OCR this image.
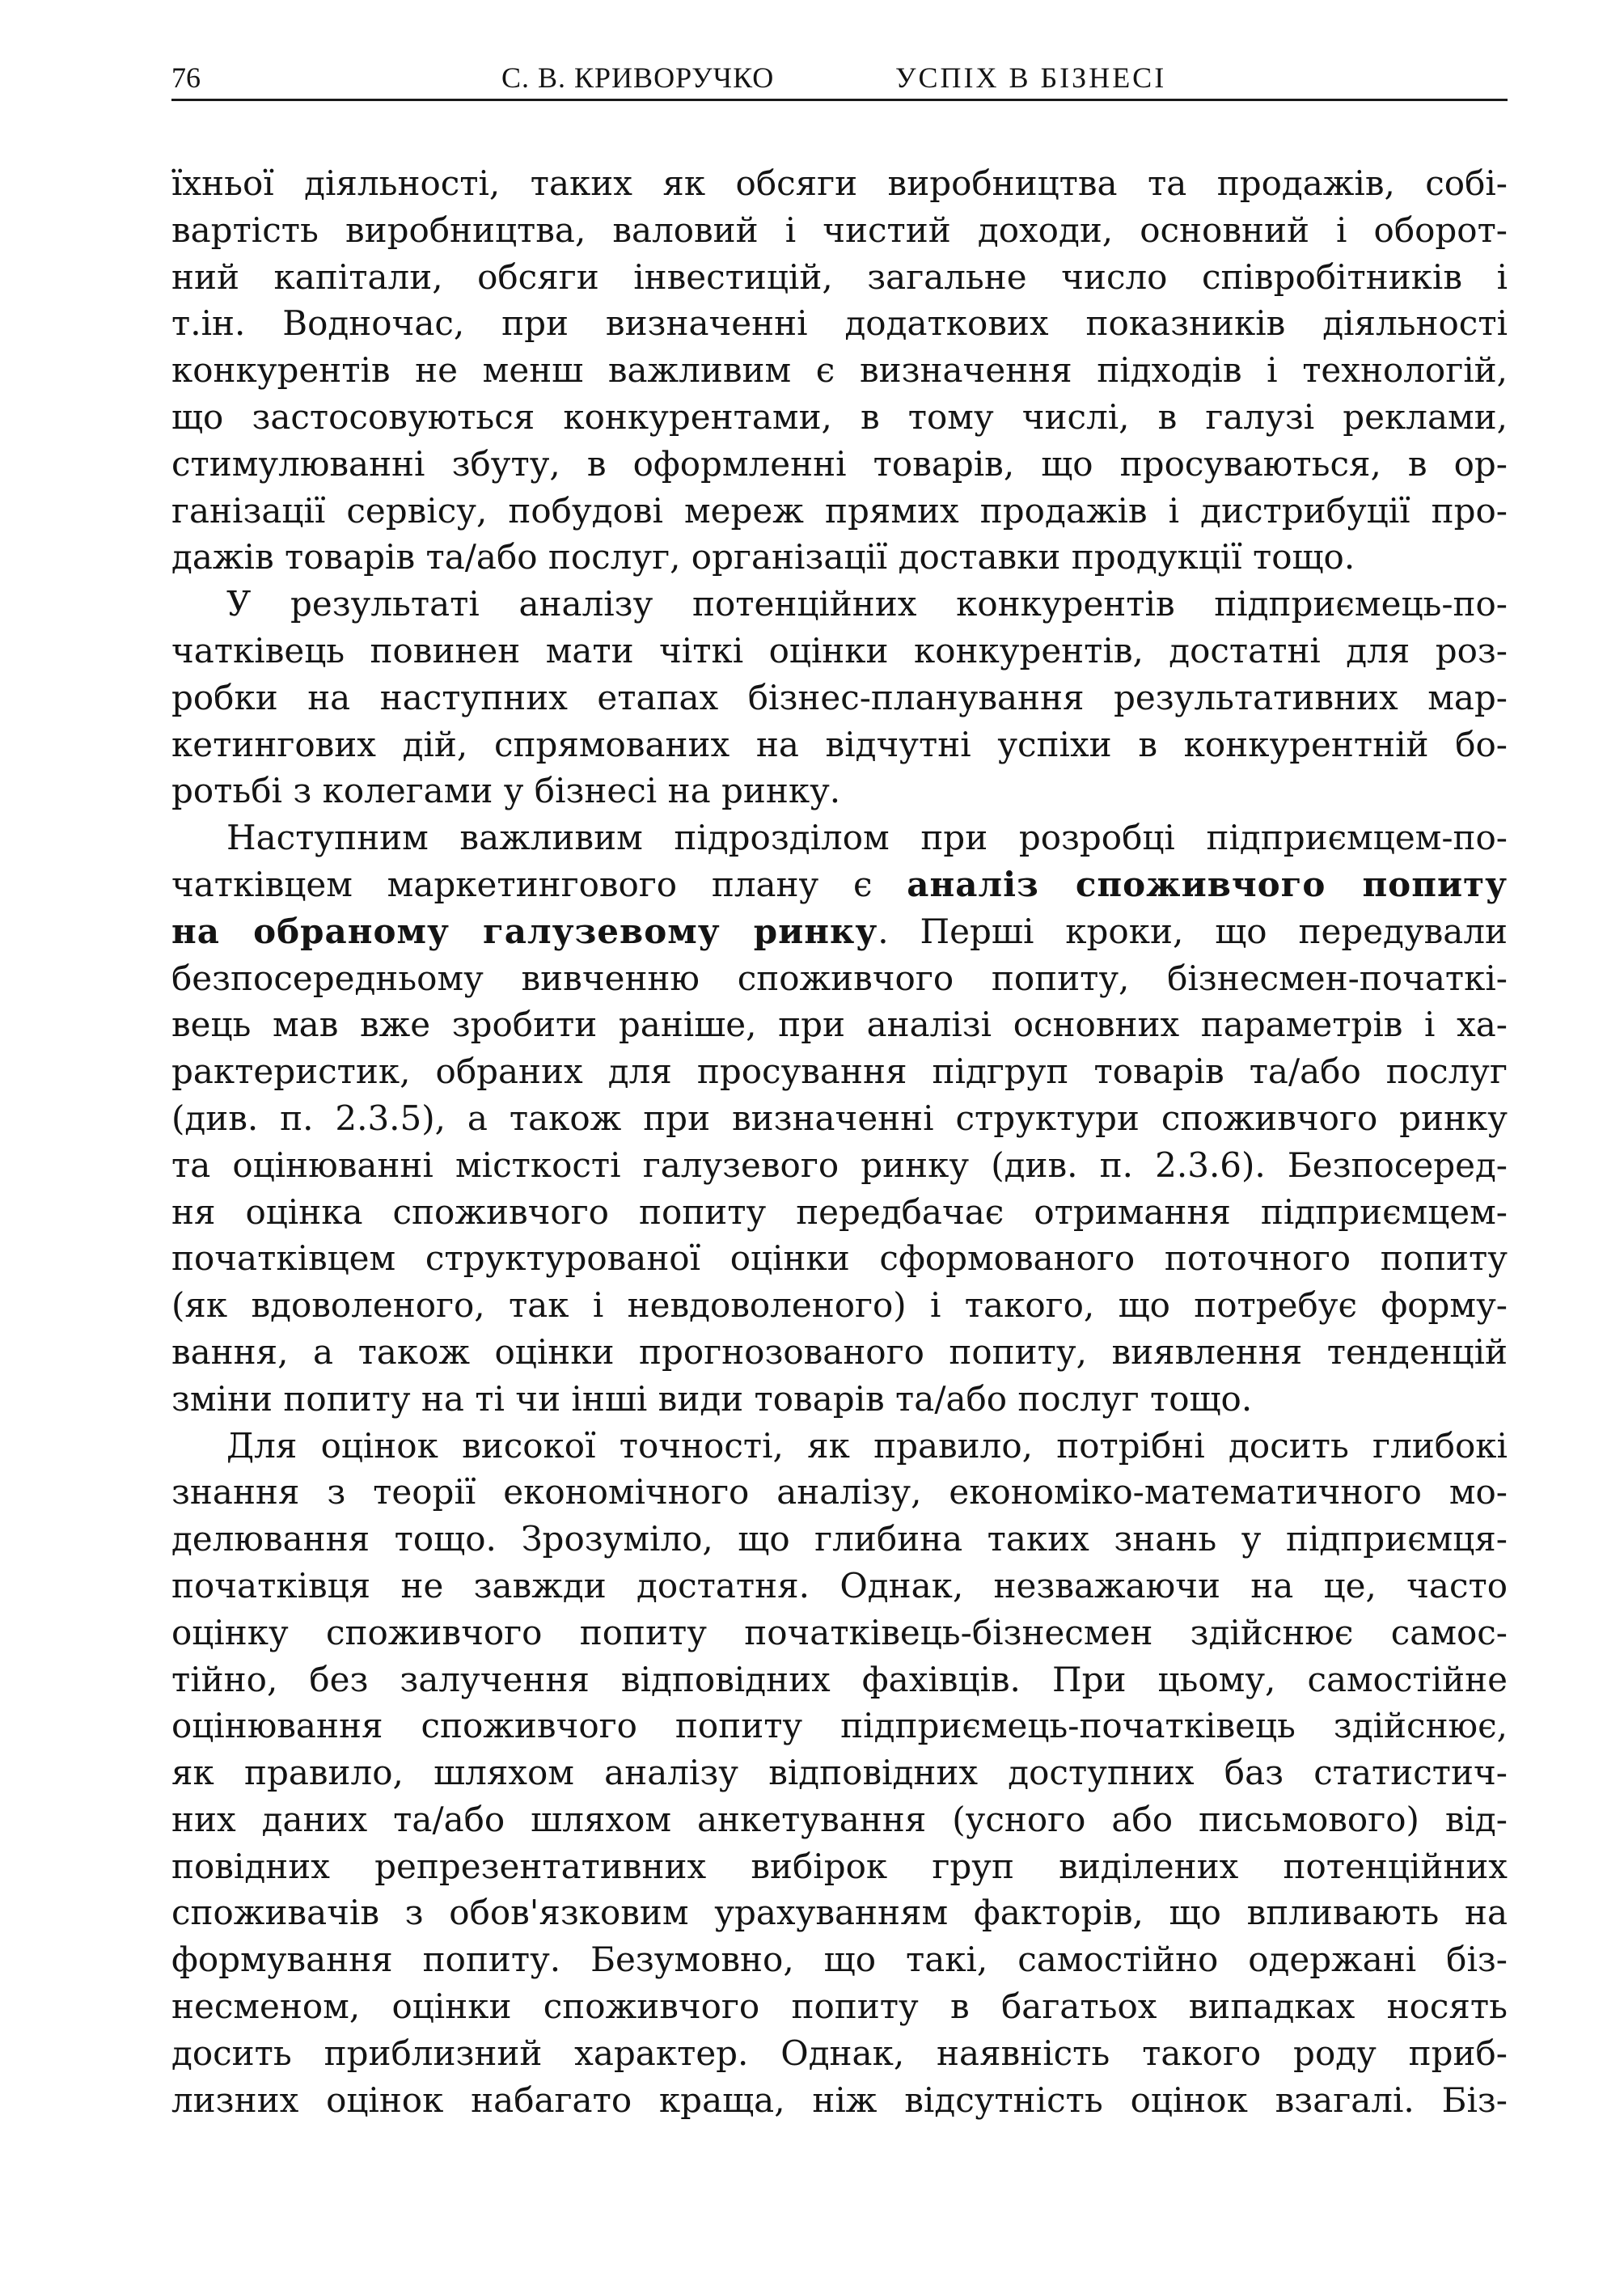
76	С. В. КРИВОРУЧКО	УСПІХ В БІЗНЕСІ
їхньої діяльності, таких як обсяги виробництва та продажів, собі-
вартість виробництва, валовий і чистий доходи, основний і оборот-
ний капітали, обсяги інвестицій, загальне число співробітників і
т.ін. Водночас, при визначенні додаткових показників діяльності
конкурентів не менш важливим є визначення підходів і технологій,
що застосовуються конкурентами, в тому числі, в галузі реклами,
стимулюванні збуту, в оформленні товарів, що просуваються, в ор-
ганізації сервісу, побудові мереж прямих продажів і дистрибуції про-
дажів товарів та/або послуг, організації доставки продукції тощо.
У результаті аналізу потенційних конкурентів підприємець-по-
чатківець повинен мати чіткі оцінки конкурентів, достатні для роз-
робки на наступних етапах бізнес-планування результативних мар-
кетингових дій, спрямованих на відчутні успіхи в конкурентній бо-
ротьбі з колегами у бізнесі на ринку.
Наступним важливим підрозділом при розробці підприємцем-по-
чатківцем маркетингового плану є аналіз споживчого попиту
на обраному галузевому ринку. Перші кроки, що передували
безпосередньому вивченню споживчого попиту, бізнесмен-початкі-
вець мав вже зробити раніше, при аналізі основних параметрів і ха-
рактеристик, обраних для просування підгруп товарів та/або послуг
(див. п. 2.3.5), а також при визначенні структури споживчого ринку
та оцінюванні місткості галузевого ринку (див. п. 2.3.6). Безпосеред-
ня оцінка споживчого попиту передбачає отримання підприємцем-
початківцем структурованої оцінки сформованого поточного попиту
(як вдоволеного, так і невдоволеного) і такого, що потребує форму-
вання, а також оцінки прогнозованого попиту, виявлення тенденцій
зміни попиту на ті чи інші види товарів та/або послуг тощо.
Для оцінок високої точності, як правило, потрібні досить глибокі
знання з теорії економічного аналізу, економіко-математичного мо-
делювання тощо. Зрозуміло, що глибина таких знань у підприємця-
початківця не завжди достатня. Однак, незважаючи на це, часто
оцінку споживчого попиту початківець-бізнесмен здійснює самос-
тійно, без залучення відповідних фахівців. При цьому, самостійне
оцінювання споживчого попиту підприємець-початківець здійснює,
як правило, шляхом аналізу відповідних доступних баз статистич-
них даних та/або шляхом анкетування (усного або письмового) від-
повідних репрезентативних вибірок груп виділених потенційних
споживачів з обов'язковим урахуванням факторів, що впливають на
формування попиту. Безумовно, що такі, самостійно одержані біз-
несменом, оцінки споживчого попиту в багатьох випадках носять
досить приблизний характер. Однак, наявність такого роду приб-
лизних оцінок набагато краща, ніж відсутність оцінок взагалі. Біз-
